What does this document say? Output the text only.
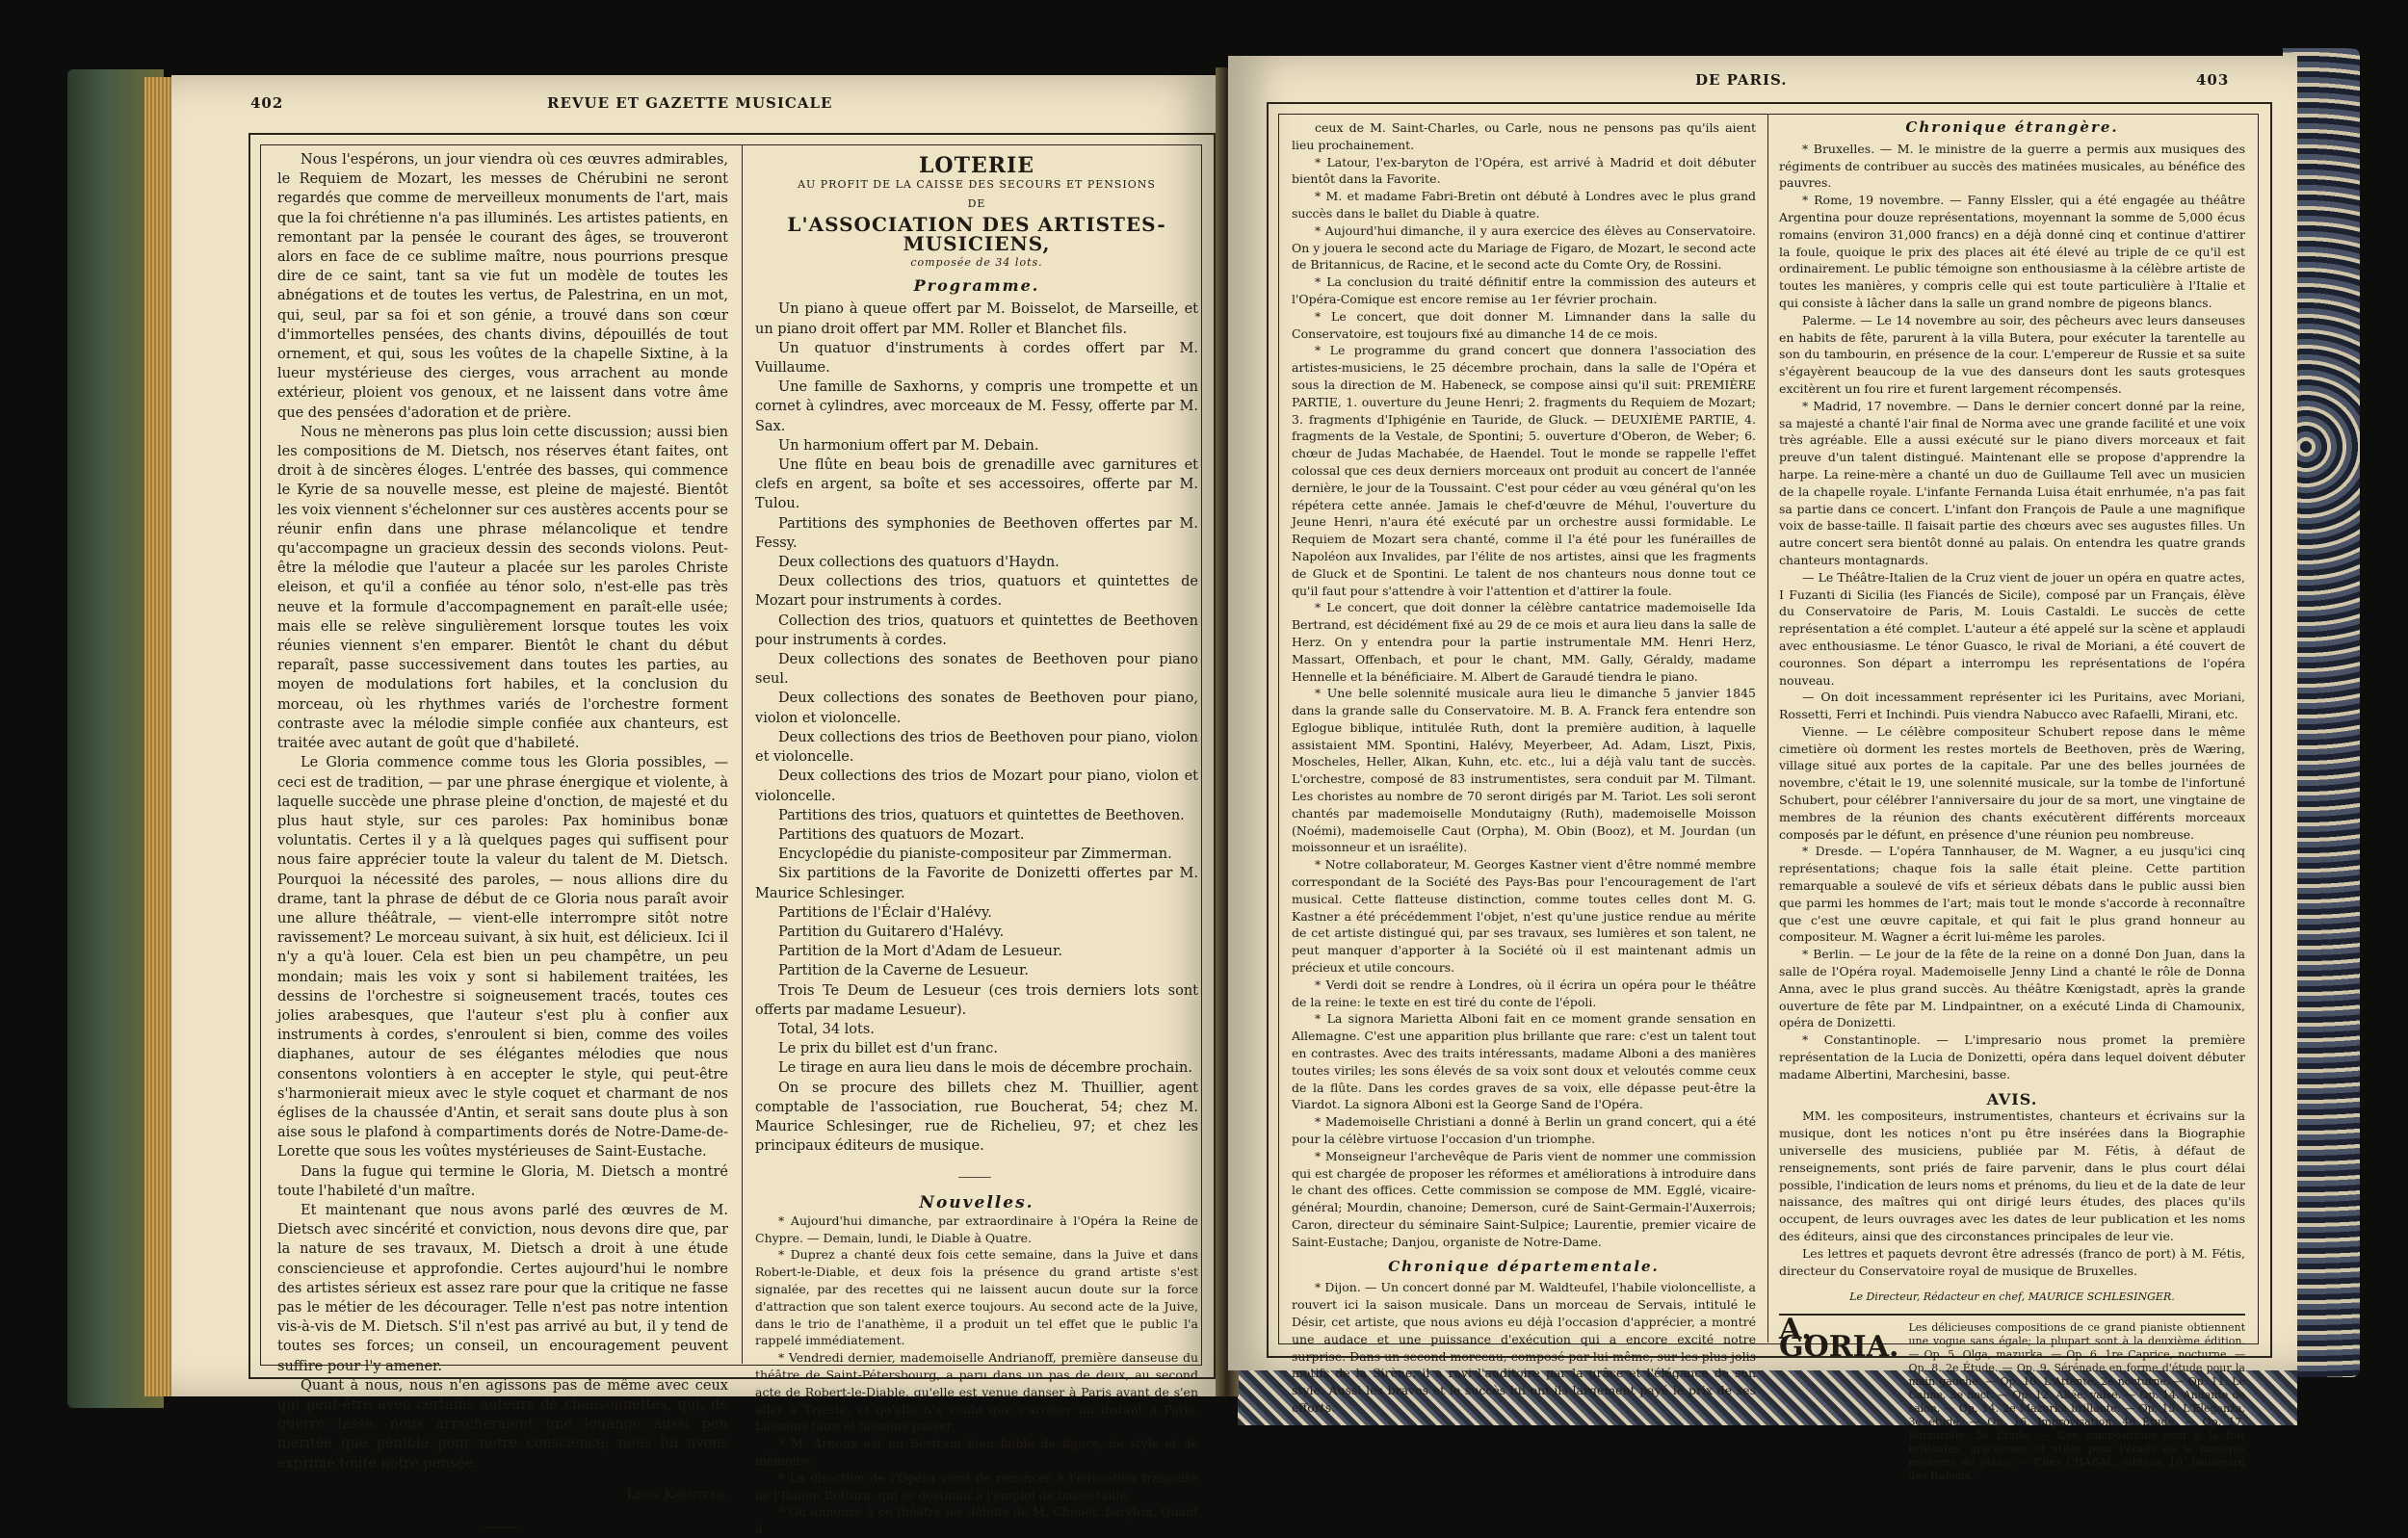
402	REVUE ET GAZETTE MUSICALE

Nous l'espérons, un jour viendra où ces œuvres admirables, le Requiem de Mozart, les messes de Chérubini ne seront regardés que comme de merveilleux monuments de l'art, mais que la foi chrétienne n'a pas illuminés. Les artistes patients, en remontant par la pensée le courant des âges, se trouveront alors en face de ce sublime maître, nous pourrions presque dire de ce saint, tant sa vie fut un modèle de toutes les abnégations et de toutes les vertus, de Palestrina, en un mot, qui, seul, par sa foi et son génie, a trouvé dans son cœur d'immortelles pensées, des chants divins, dépouillés de tout ornement, et qui, sous les voûtes de la chapelle Sixtine, à la lueur mystérieuse des cierges, vous arrachent au monde extérieur, ploient vos genoux, et ne laissent dans votre âme que des pensées d'adoration et de prière.

Nous ne mènerons pas plus loin cette discussion; aussi bien les compositions de M. Dietsch, nos réserves étant faites, ont droit à de sincères éloges. L'entrée des basses, qui commence le Kyrie de sa nouvelle messe, est pleine de majesté. Bientôt les voix viennent s'échelonner sur ces austères accents pour se réunir enfin dans une phrase mélancolique et tendre qu'accompagne un gracieux dessin des seconds violons. Peut-être la mélodie que l'auteur a placée sur les paroles Christe eleison, et qu'il a confiée au ténor solo, n'est-elle pas très neuve et la formule d'accompagnement en paraît-elle usée; mais elle se relève singulièrement lorsque toutes les voix réunies viennent s'en emparer. Bientôt le chant du début reparaît, passe successivement dans toutes les parties, au moyen de modulations fort habiles, et la conclusion du morceau, où les rhythmes variés de l'orchestre forment contraste avec la mélodie simple confiée aux chanteurs, est traitée avec autant de goût que d'habileté.

Le Gloria commence comme tous les Gloria possibles, — ceci est de tradition, — par une phrase énergique et violente, à laquelle succède une phrase pleine d'onction, de majesté et du plus haut style, sur ces paroles: Pax hominibus bonæ voluntatis. Certes il y a là quelques pages qui suffisent pour nous faire apprécier toute la valeur du talent de M. Dietsch. Pourquoi la nécessité des paroles, — nous allions dire du drame, tant la phrase de début de ce Gloria nous paraît avoir une allure théâtrale, — vient-elle interrompre sitôt notre ravissement? Le morceau suivant, à six huit, est délicieux. Ici il n'y a qu'à louer. Cela est bien un peu champêtre, un peu mondain; mais les voix y sont si habilement traitées, les dessins de l'orchestre si soigneusement tracés, toutes ces jolies arabesques, que l'auteur s'est plu à confier aux instruments à cordes, s'enroulent si bien, comme des voiles diaphanes, autour de ses élégantes mélodies que nous consentons volontiers à en accepter le style, qui peut-être s'harmonierait mieux avec le style coquet et charmant de nos églises de la chaussée d'Antin, et serait sans doute plus à son aise sous le plafond à compartiments dorés de Notre-Dame-de-Lorette que sous les voûtes mystérieuses de Saint-Eustache.

Dans la fugue qui termine le Gloria, M. Dietsch a montré toute l'habileté d'un maître.

Et maintenant que nous avons parlé des œuvres de M. Dietsch avec sincérité et conviction, nous devons dire que, par la nature de ses travaux, M. Dietsch a droit à une étude consciencieuse et approfondie. Certes aujourd'hui le nombre des artistes sérieux est assez rare pour que la critique ne fasse pas le métier de les décourager. Telle n'est pas notre intention vis-à-vis de M. Dietsch. S'il n'est pas arrivé au but, il y tend de toutes ses forces; un conseil, un encouragement peuvent suffire pour l'y amener.

Quant à nous, nous n'en agissons pas de même avec ceux qui peut-être avec certains auteurs de chansonnettes, qui, de guerre lasse, nous arracheraient une louange aussi peu méritée que pénible pour notre conscience; nous lui avons exprimé toute notre pensée.

Léon Kreutzer.

⸻
LOTERIE
AU PROFIT DE LA CAISSE DES SECOURS ET PENSIONS
DE
L'ASSOCIATION DES ARTISTES-MUSICIENS,
composée de 34 lots.
Programme.

Un piano à queue offert par M. Boisselot, de Marseille, et un piano droit offert par MM. Roller et Blanchet fils.

Un quatuor d'instruments à cordes offert par M. Vuillaume.

Une famille de Saxhorns, y compris une trompette et un cornet à cylindres, avec morceaux de M. Fessy, offerte par M. Sax.

Un harmonium offert par M. Debain.

Une flûte en beau bois de grenadille avec garnitures et clefs en argent, sa boîte et ses accessoires, offerte par M. Tulou.

Partitions des symphonies de Beethoven offertes par M. Fessy.

Deux collections des quatuors d'Haydn.

Deux collections des trios, quatuors et quintettes de Mozart pour instruments à cordes.

Collection des trios, quatuors et quintettes de Beethoven pour instruments à cordes.

Deux collections des sonates de Beethoven pour piano seul.

Deux collections des sonates de Beethoven pour piano, violon et violoncelle.

Deux collections des trios de Beethoven pour piano, violon et violoncelle.

Deux collections des trios de Mozart pour piano, violon et violoncelle.

Partitions des trios, quatuors et quintettes de Beethoven.

Partitions des quatuors de Mozart.

Encyclopédie du pianiste-compositeur par Zimmerman.

Six partitions de la Favorite de Donizetti offertes par M. Maurice Schlesinger.

Partitions de l'Éclair d'Halévy.

Partition du Guitarero d'Halévy.

Partition de la Mort d'Adam de Lesueur.

Partition de la Caverne de Lesueur.

Trois Te Deum de Lesueur (ces trois derniers lots sont offerts par madame Lesueur).

Total, 34 lots.

Le prix du billet est d'un franc.

Le tirage en aura lieu dans le mois de décembre prochain.

On se procure des billets chez M. Thuillier, agent comptable de l'association, rue Boucherat, 54; chez M. Maurice Schlesinger, rue de Richelieu, 97; et chez les principaux éditeurs de musique.

⸻
Nouvelles.

* Aujourd'hui dimanche, par extraordinaire à l'Opéra la Reine de Chypre. — Demain, lundi, le Diable à Quatre.

* Duprez a chanté deux fois cette semaine, dans la Juive et dans Robert-le-Diable, et deux fois la présence du grand artiste s'est signalée, par des recettes qui ne laissent aucun doute sur la force d'attraction que son talent exerce toujours. Au second acte de la Juive, dans le trio de l'anathème, il a produit un tel effet que le public l'a rappelé immédiatement.

* Vendredi dernier, mademoiselle Andrianoff, première danseuse du théâtre de Saint-Pétersbourg, a paru dans un pas de deux, au second acte de Robert-le-Diable, qu'elle est venue danser à Paris avant de s'en aller à Trieste, et qu'elle n'a voulu que s'arrêter un instant à Paris. Laissons faire et laissons passer.

* M. Arnoux est un Bertram bien faible de figure, de style et de mémoire.

* La direction de l'Opéra vient de renoncer à l'éducation française de l'Italien Bottura, qui se destinait à l'emploi de basse-taille.

* On annonce à ce théâtre les débuts de M. Chenet, baryton. Quant à

DE PARIS.	403

ceux de M. Saint-Charles, ou Carle, nous ne pensons pas qu'ils aient lieu prochainement.

* Latour, l'ex-baryton de l'Opéra, est arrivé à Madrid et doit débuter bientôt dans la Favorite.

* M. et madame Fabri-Bretin ont débuté à Londres avec le plus grand succès dans le ballet du Diable à quatre.

* Aujourd'hui dimanche, il y aura exercice des élèves au Conservatoire. On y jouera le second acte du Mariage de Figaro, de Mozart, le second acte de Britannicus, de Racine, et le second acte du Comte Ory, de Rossini.

* La conclusion du traité définitif entre la commission des auteurs et l'Opéra-Comique est encore remise au 1er février prochain.

* Le concert, que doit donner M. Limnander dans la salle du Conservatoire, est toujours fixé au dimanche 14 de ce mois.

* Le programme du grand concert que donnera l'association des artistes-musiciens, le 25 décembre prochain, dans la salle de l'Opéra et sous la direction de M. Habeneck, se compose ainsi qu'il suit: PREMIÈRE PARTIE, 1. ouverture du Jeune Henri; 2. fragments du Requiem de Mozart; 3. fragments d'Iphigénie en Tauride, de Gluck. — DEUXIÈME PARTIE, 4. fragments de la Vestale, de Spontini; 5. ouverture d'Oberon, de Weber; 6. chœur de Judas Machabée, de Haendel. Tout le monde se rappelle l'effet colossal que ces deux derniers morceaux ont produit au concert de l'année dernière, le jour de la Toussaint. C'est pour céder au vœu général qu'on les répétera cette année. Jamais le chef-d'œuvre de Méhul, l'ouverture du Jeune Henri, n'aura été exécuté par un orchestre aussi formidable. Le Requiem de Mozart sera chanté, comme il l'a été pour les funérailles de Napoléon aux Invalides, par l'élite de nos artistes, ainsi que les fragments de Gluck et de Spontini. Le talent de nos chanteurs nous donne tout ce qu'il faut pour s'attendre à voir l'attention et d'attirer la foule.

* Le concert, que doit donner la célèbre cantatrice mademoiselle Ida Bertrand, est décidément fixé au 29 de ce mois et aura lieu dans la salle de Herz. On y entendra pour la partie instrumentale MM. Henri Herz, Massart, Offenbach, et pour le chant, MM. Gally, Géraldy, madame Hennelle et la bénéficiaire. M. Albert de Garaudé tiendra le piano.

* Une belle solennité musicale aura lieu le dimanche 5 janvier 1845 dans la grande salle du Conservatoire. M. B. A. Franck fera entendre son Eglogue biblique, intitulée Ruth, dont la première audition, à laquelle assistaient MM. Spontini, Halévy, Meyerbeer, Ad. Adam, Liszt, Pixis, Moscheles, Heller, Alkan, Kuhn, etc. etc., lui a déjà valu tant de succès. L'orchestre, composé de 83 instrumentistes, sera conduit par M. Tilmant. Les choristes au nombre de 70 seront dirigés par M. Tariot. Les soli seront chantés par mademoiselle Mondutaigny (Ruth), mademoiselle Moisson (Noémi), mademoiselle Caut (Orpha), M. Obin (Booz), et M. Jourdan (un moissonneur et un israélite).

* Notre collaborateur, M. Georges Kastner vient d'être nommé membre correspondant de la Société des Pays-Bas pour l'encouragement de l'art musical. Cette flatteuse distinction, comme toutes celles dont M. G. Kastner a été précédemment l'objet, n'est qu'une justice rendue au mérite de cet artiste distingué qui, par ses travaux, ses lumières et son talent, ne peut manquer d'apporter à la Société où il est maintenant admis un précieux et utile concours.

* Verdi doit se rendre à Londres, où il écrira un opéra pour le théâtre de la reine: le texte en est tiré du conte de l'époli.

* La signora Marietta Alboni fait en ce moment grande sensation en Allemagne. C'est une apparition plus brillante que rare: c'est un talent tout en contrastes. Avec des traits intéressants, madame Alboni a des manières toutes viriles; les sons élevés de sa voix sont doux et veloutés comme ceux de la flûte. Dans les cordes graves de sa voix, elle dépasse peut-être la Viardot. La signora Alboni est la George Sand de l'Opéra.

* Mademoiselle Christiani a donné à Berlin un grand concert, qui a été pour la célèbre virtuose l'occasion d'un triomphe.

* Monseigneur l'archevêque de Paris vient de nommer une commission qui est chargée de proposer les réformes et améliorations à introduire dans le chant des offices. Cette commission se compose de MM. Egglé, vicaire-général; Mourdin, chanoine; Demerson, curé de Saint-Germain-l'Auxerrois; Caron, directeur du séminaire Saint-Sulpice; Laurentie, premier vicaire de Saint-Eustache; Danjou, organiste de Notre-Dame.

Chronique départementale.

* Dijon. — Un concert donné par M. Waldteufel, l'habile violoncelliste, a rouvert ici la saison musicale. Dans un morceau de Servais, intitulé le Désir, cet artiste, que nous avions eu déjà l'occasion d'apprécier, a montré une audace et une puissance d'exécution qui a encore excité notre surprise. Dans un second morceau, composé par lui-même, sur les plus jolis motifs de la Sirène, il a ravi l'auditoire par la grâce et l'élégance de son style. Aussi les bravos et le succès lui ont-ils largement payé le prix de ses efforts.

Chronique étrangère.

* Bruxelles. — M. le ministre de la guerre a permis aux musiques des régiments de contribuer au succès des matinées musicales, au bénéfice des pauvres.

* Rome, 19 novembre. — Fanny Elssler, qui a été engagée au théâtre Argentina pour douze représentations, moyennant la somme de 5,000 écus romains (environ 31,000 francs) en a déjà donné cinq et continue d'attirer la foule, quoique le prix des places ait été élevé au triple de ce qu'il est ordinairement. Le public témoigne son enthousiasme à la célèbre artiste de toutes les manières, y compris celle qui est toute particulière à l'Italie et qui consiste à lâcher dans la salle un grand nombre de pigeons blancs.

Palerme. — Le 14 novembre au soir, des pêcheurs avec leurs danseuses en habits de fête, parurent à la villa Butera, pour exécuter la tarentelle au son du tambourin, en présence de la cour. L'empereur de Russie et sa suite s'égayèrent beaucoup de la vue des danseurs dont les sauts grotesques excitèrent un fou rire et furent largement récompensés.

* Madrid, 17 novembre. — Dans le dernier concert donné par la reine, sa majesté a chanté l'air final de Norma avec une grande facilité et une voix très agréable. Elle a aussi exécuté sur le piano divers morceaux et fait preuve d'un talent distingué. Maintenant elle se propose d'apprendre la harpe. La reine-mère a chanté un duo de Guillaume Tell avec un musicien de la chapelle royale. L'infante Fernanda Luisa était enrhumée, n'a pas fait sa partie dans ce concert. L'infant don François de Paule a une magnifique voix de basse-taille. Il faisait partie des chœurs avec ses augustes filles. Un autre concert sera bientôt donné au palais. On entendra les quatre grands chanteurs montagnards.

— Le Théâtre-Italien de la Cruz vient de jouer un opéra en quatre actes, I Fuzanti di Sicilia (les Fiancés de Sicile), composé par un Français, élève du Conservatoire de Paris, M. Louis Castaldi. Le succès de cette représentation a été complet. L'auteur a été appelé sur la scène et applaudi avec enthousiasme. Le ténor Guasco, le rival de Moriani, a été couvert de couronnes. Son départ a interrompu les représentations de l'opéra nouveau.

— On doit incessamment représenter ici les Puritains, avec Moriani, Rossetti, Ferri et Inchindi. Puis viendra Nabucco avec Rafaelli, Mirani, etc.

Vienne. — Le célèbre compositeur Schubert repose dans le même cimetière où dorment les restes mortels de Beethoven, près de Wæring, village situé aux portes de la capitale. Par une des belles journées de novembre, c'était le 19, une solennité musicale, sur la tombe de l'infortuné Schubert, pour célébrer l'anniversaire du jour de sa mort, une vingtaine de membres de la réunion des chants exécutèrent différents morceaux composés par le défunt, en présence d'une réunion peu nombreuse.

* Dresde. — L'opéra Tannhauser, de M. Wagner, a eu jusqu'ici cinq représentations; chaque fois la salle était pleine. Cette partition remarquable a soulevé de vifs et sérieux débats dans le public aussi bien que parmi les hommes de l'art; mais tout le monde s'accorde à reconnaître que c'est une œuvre capitale, et qui fait le plus grand honneur au compositeur. M. Wagner a écrit lui-même les paroles.

* Berlin. — Le jour de la fête de la reine on a donné Don Juan, dans la salle de l'Opéra royal. Mademoiselle Jenny Lind a chanté le rôle de Donna Anna, avec le plus grand succès. Au théâtre Kœnigstadt, après la grande ouverture de fête par M. Lindpaintner, on a exécuté Linda di Chamounix, opéra de Donizetti.

* Constantinople. — L'impresario nous promet la première représentation de la Lucia de Donizetti, opéra dans lequel doivent débuter madame Albertini, Marchesini, basse.

AVIS.

MM. les compositeurs, instrumentistes, chanteurs et écrivains sur la musique, dont les notices n'ont pu être insérées dans la Biographie universelle des musiciens, publiée par M. Fétis, à défaut de renseignements, sont priés de faire parvenir, dans le plus court délai possible, l'indication de leurs noms et prénoms, du lieu et de la date de leur naissance, des maîtres qui ont dirigé leurs études, des places qu'ils occupent, de leurs ouvrages avec les dates de leur publication et les noms des éditeurs, ainsi que des circonstances principales de leur vie.

Les lettres et paquets devront être adressés (franco de port) à M. Fétis, directeur du Conservatoire royal de musique de Bruxelles.

Le Directeur, Rédacteur en chef, MAURICE SCHLESINGER.

A. GORIA.
Les délicieuses compositions de ce grand pianiste obtiennent une vogue sans égale; la plupart sont à la deuxième édition. — Op. 5. Olga, mazurka. — Op. 6. 1re Caprice, nocturne. — Op. 8. 2e Étude. — Op. 9. Sérénade en forme d'étude pour la main gauche. — Op. 10. L'Attente, 2e nocturne. — Op. 11. Le Calme, 3e noct. — Op. 12. Allée, valse. — Op. 14. Andante de salon. — Op. 14. 2e Mazurka brillante. — Op. 15. L'Eleganza, 3e étude. — Op. 16. Improvisation, 4e Étude. — Op. 17. Barcarolle. 5e Étude. — Ces compositions sont à la fois brillantes, gracieuses et utiles pour l'étude de la musique moderne de piano. — Chez CHABAL, éditeur, 10, boulevard des Italiens.
